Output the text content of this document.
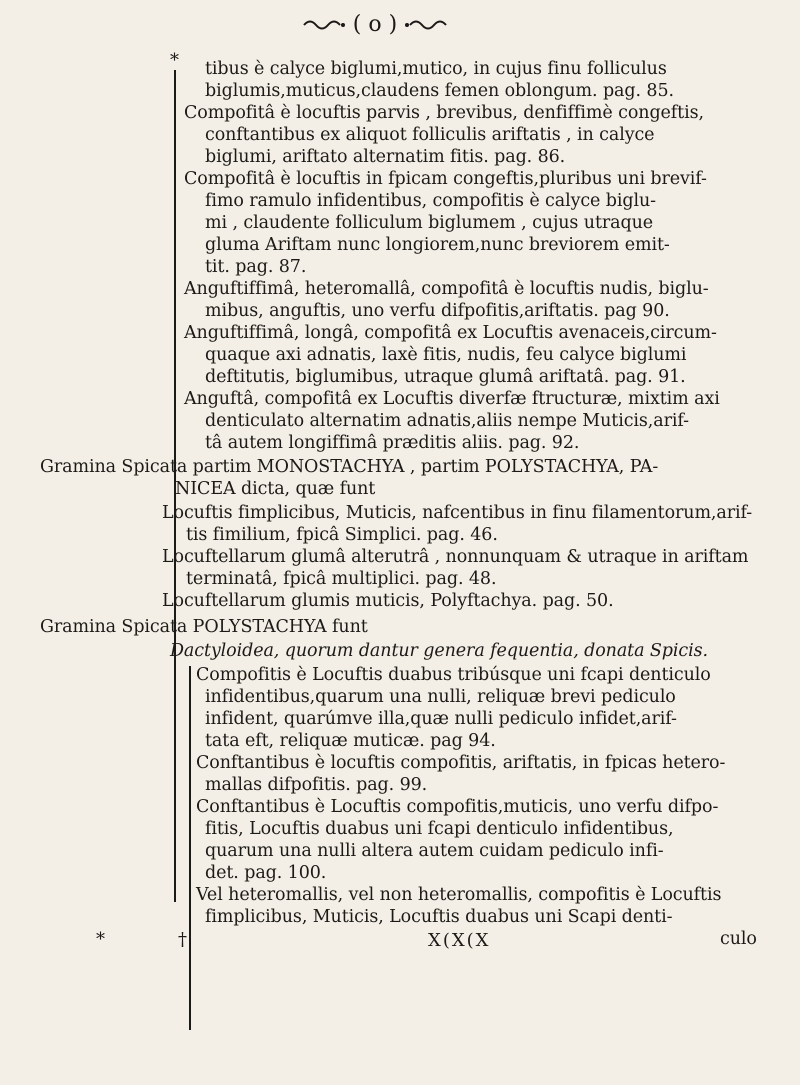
( o )
* tibus è calyce biglumi,mutico, in cujus finu folliculus
biglumis,muticus,claudens femen oblongum. pag. 85.
Compofitâ è locuftis parvis , brevibus, denfiffimè congeftis,
conftantibus ex aliquot folliculis ariftatis , in calyce
biglumi, ariftato alternatim fitis. pag. 86.
Compofitâ è locuftis in fpicam congeftis,pluribus uni brevif-
fimo ramulo infidentibus, compofitis è calyce biglu-
mi , claudente folliculum biglumem , cujus utraque
gluma Ariftam nunc longiorem,nunc breviorem emit-
tit. pag. 87.
Anguftiffimâ, heteromallâ, compofitâ è locuftis nudis, biglu-
mibus, anguftis, uno verfu difpofitis,ariftatis. pag 90.
Anguftiffimâ, longâ, compofitâ ex Locuftis avenaceis,circum-
quaque axi adnatis, laxè fitis, nudis, feu calyce biglumi
deftitutis, biglumibus, utraque glumâ ariftatâ. pag. 91.
Anguftâ, compofitâ ex Locuftis diverfæ ftructuræ, mixtim axi
denticulato alternatim adnatis,aliis nempe Muticis,arif-
tâ autem longiffimâ præditis aliis. pag. 92.
Gramina Spicata partim MONOSTACHYA , partim POLYSTACHYA, PA-
NICEA dicta, quæ funt
Locuftis fimplicibus, Muticis, nafcentibus in finu filamentorum,arif-
tis fimilium, fpicâ Simplici. pag. 46.
Locuftellarum glumâ alterutrâ , nonnunquam & utraque in ariftam
terminatâ, fpicâ multiplici. pag. 48.
Locuftellarum glumis muticis, Polyftachya. pag. 50.
Gramina Spicata POLYSTACHYA funt
Dactyloidea, quorum dantur genera fequentia, donata Spicis.
Compofitis è Locuftis duabus tribúsque uni fcapi denticulo
infidentibus,quarum una nulli, reliquæ brevi pediculo
infident, quarúmve illa,quæ nulli pediculo infidet,arif-
tata eft, reliquæ muticæ. pag 94.
Conftantibus è locuftis compofitis, ariftatis, in fpicas hetero-
mallas difpofitis. pag. 99.
Conftantibus è Locuftis compofitis,muticis, uno verfu difpo-
fitis, Locuftis duabus uni fcapi denticulo infidentibus,
quarum una nulli altera autem cuidam pediculo infi-
det. pag. 100.
Vel heteromallis, vel non heteromallis, compofitis è Locuftis
fimplicibus, Muticis, Locuftis duabus uni Scapi denti-
*	†	X(X(X	culo
